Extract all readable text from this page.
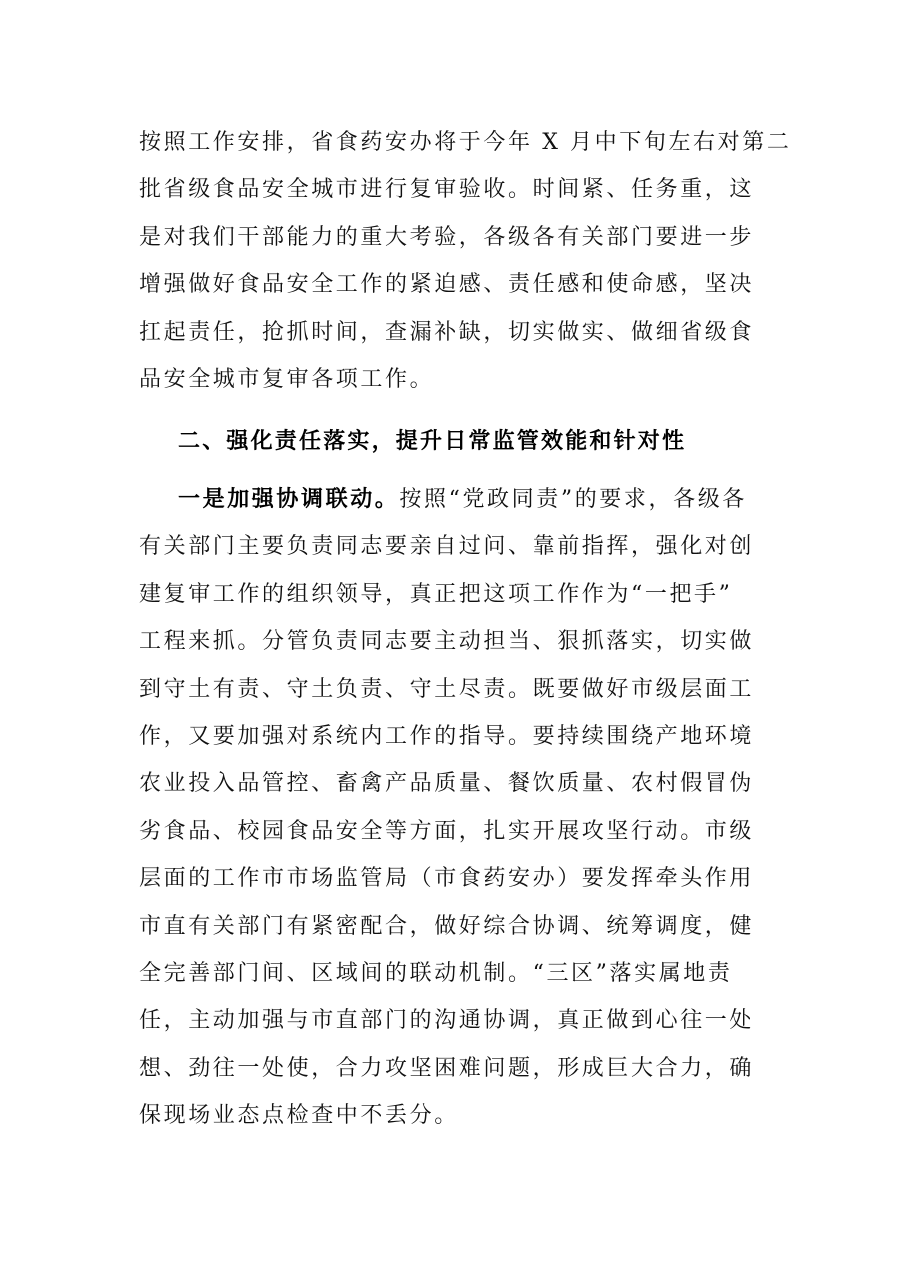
按照工作安排，省食药安办将于今年 X 月中下旬左右对第二
批省级食品安全城市进行复审验收。时间紧、任务重，这
是对我们干部能力的重大考验，各级各有关部门要进一步
增强做好食品安全工作的紧迫感、责任感和使命感，坚决
扛起责任，抢抓时间，查漏补缺，切实做实、做细省级食
品安全城市复审各项工作。
二、强化责任落实，提升日常监管效能和针对性
一是加强协调联动。按照“党政同责”的要求，各级各
有关部门主要负责同志要亲自过问、靠前指挥，强化对创
建复审工作的组织领导，真正把这项工作作为“一把手”
工程来抓。分管负责同志要主动担当、狠抓落实，切实做
到守土有责、守土负责、守土尽责。既要做好市级层面工
作，又要加强对系统内工作的指导。要持续围绕产地环境
农业投入品管控、畜禽产品质量、餐饮质量、农村假冒伪
劣食品、校园食品安全等方面，扎实开展攻坚行动。市级
层面的工作市市场监管局（市食药安办）要发挥牵头作用
市直有关部门有紧密配合，做好综合协调、统筹调度，健
全完善部门间、区域间的联动机制。“三区”落实属地责
任，主动加强与市直部门的沟通协调，真正做到心往一处
想、劲往一处使，合力攻坚困难问题，形成巨大合力，确
保现场业态点检查中不丢分。
